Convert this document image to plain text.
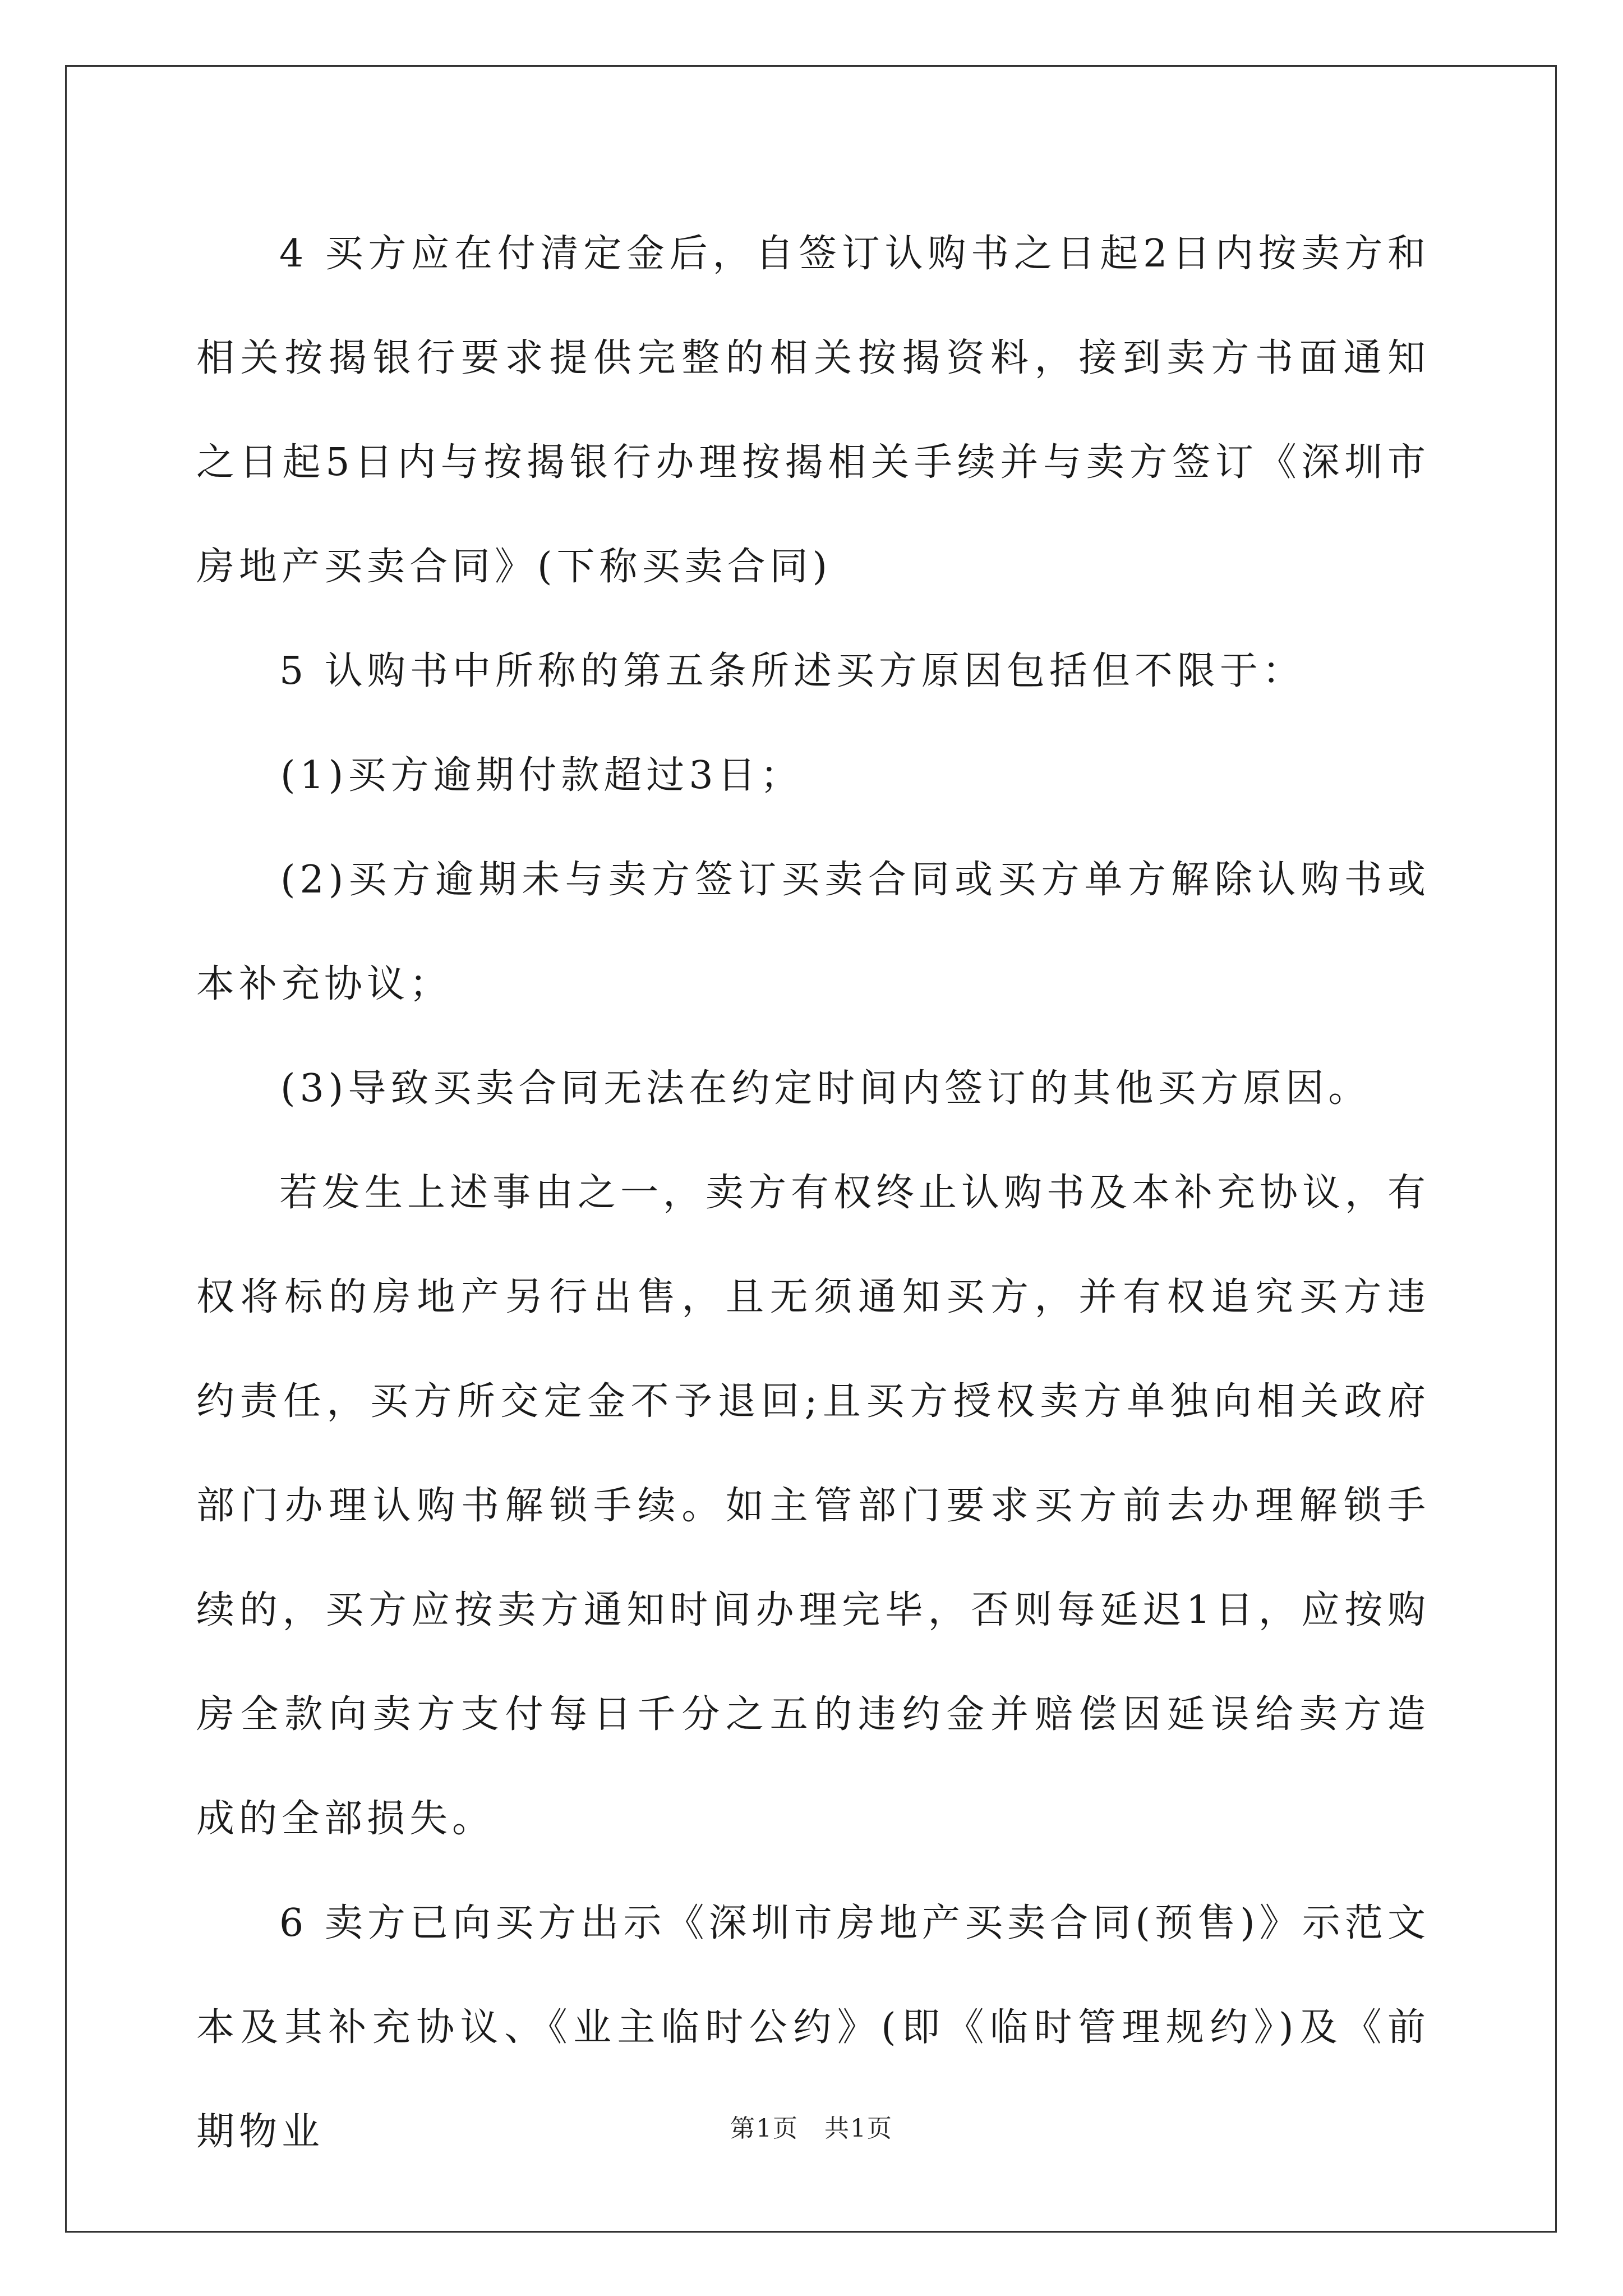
4 买方应在付清定金后，自签订认购书之日起2日内按卖方和相关按揭银行要求提供完整的相关按揭资料，接到卖方书面通知之日起5日内与按揭银行办理按揭相关手续并与卖方签订《深圳市房地产买卖合同》(下称买卖合同)

5 认购书中所称的第五条所述买方原因包括但不限于：

(1)买方逾期付款超过3日；

(2)买方逾期未与卖方签订买卖合同或买方单方解除认购书或本补充协议；

(3)导致买卖合同无法在约定时间内签订的其他买方原因。

若发生上述事由之一，卖方有权终止认购书及本补充协议，有权将标的房地产另行出售，且无须通知买方，并有权追究买方违约责任，买方所交定金不予退回;且买方授权卖方单独向相关政府部门办理认购书解锁手续。如主管部门要求买方前去办理解锁手续的，买方应按卖方通知时间办理完毕，否则每延迟1日，应按购房全款向卖方支付每日千分之五的违约金并赔偿因延误给卖方造成的全部损失。

6 卖方已向买方出示《深圳市房地产买卖合同(预售)》示范文本及其补充协议、《业主临时公约》(即《临时管理规约》)及《前期物业	第1页　共1页
